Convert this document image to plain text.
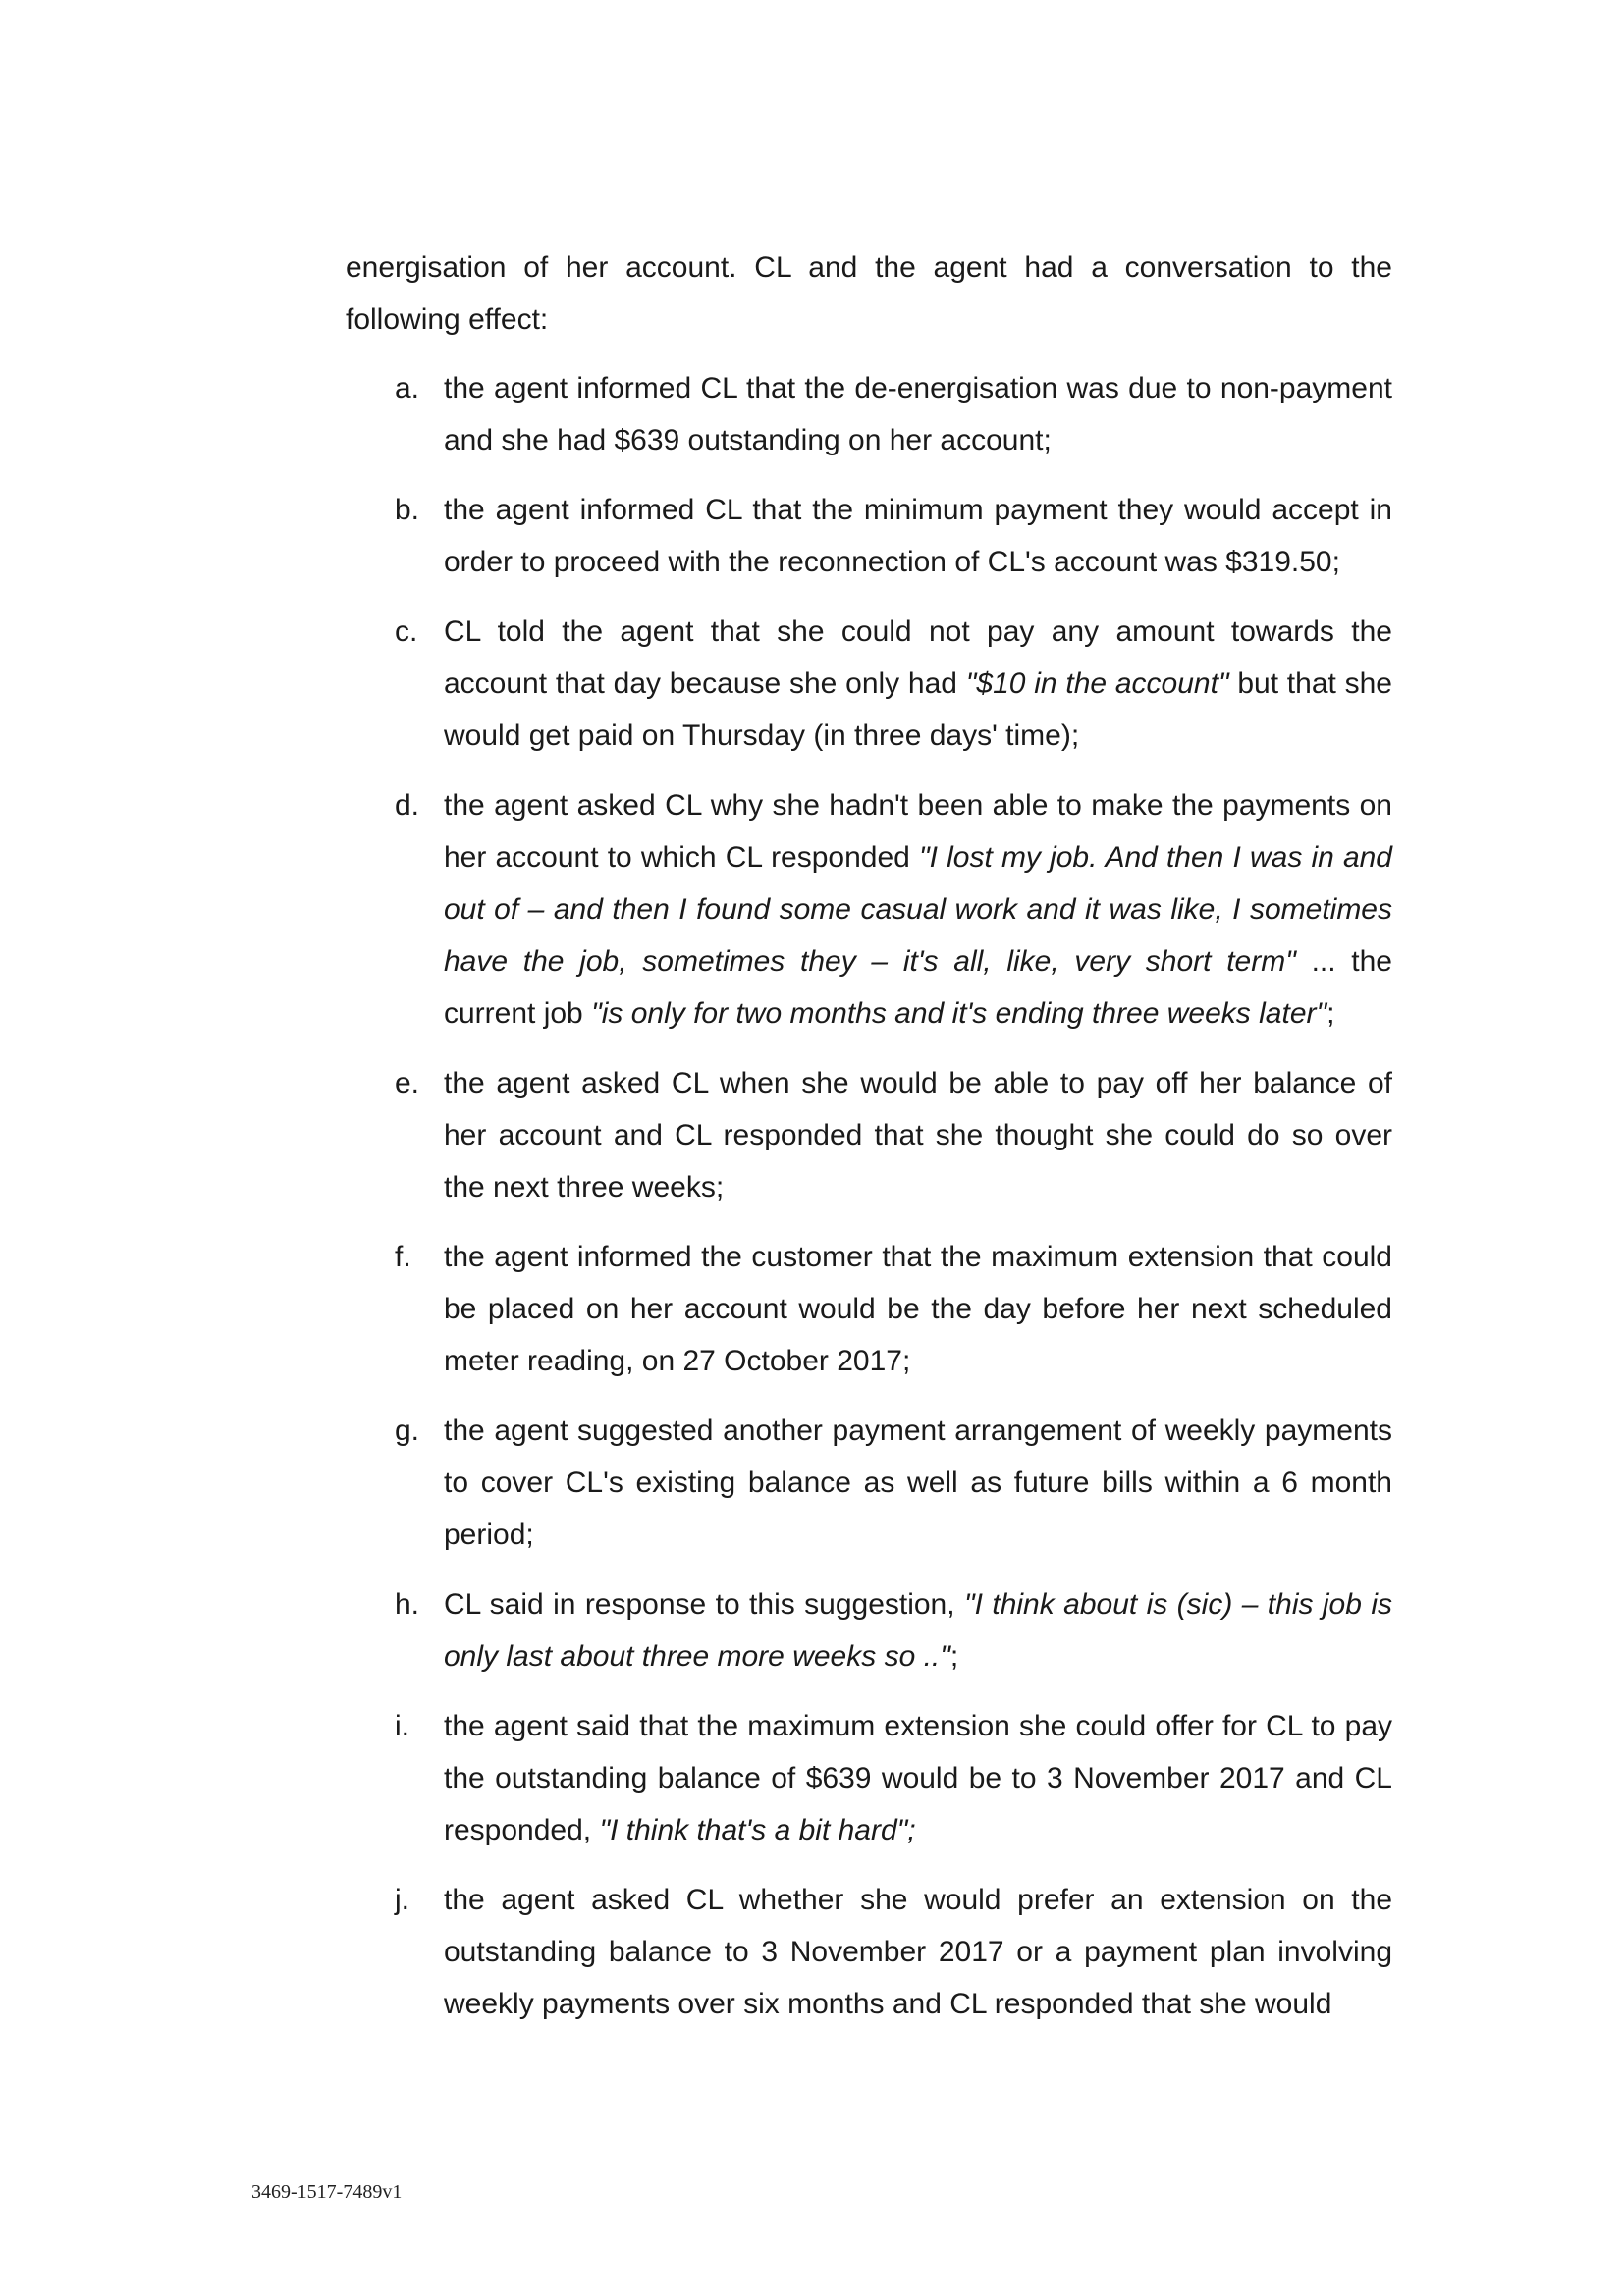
energisation of her account. CL and the agent had a conversation to the following effect:

a. the agent informed CL that the de-energisation was due to non-payment and she had $639 outstanding on her account;
b. the agent informed CL that the minimum payment they would accept in order to proceed with the reconnection of CL's account was $319.50;
c. CL told the agent that she could not pay any amount towards the account that day because she only had "$10 in the account" but that she would get paid on Thursday (in three days' time);
d. the agent asked CL why she hadn't been able to make the payments on her account to which CL responded "I lost my job. And then I was in and out of – and then I found some casual work and it was like, I sometimes have the job, sometimes they – it's all, like, very short term" ... the current job "is only for two months and it's ending three weeks later";
e. the agent asked CL when she would be able to pay off her balance of her account and CL responded that she thought she could do so over the next three weeks;
f. the agent informed the customer that the maximum extension that could be placed on her account would be the day before her next scheduled meter reading, on 27 October 2017;
g. the agent suggested another payment arrangement of weekly payments to cover CL's existing balance as well as future bills within a 6 month period;
h. CL said in response to this suggestion, "I think about is (sic) – this job is only last about three more weeks so ..";
i. the agent said that the maximum extension she could offer for CL to pay the outstanding balance of $639 would be to 3 November 2017 and CL responded, "I think that's a bit hard";
j. the agent asked CL whether she would prefer an extension on the outstanding balance to 3 November 2017 or a payment plan involving weekly payments over six months and CL responded that she would
3469-1517-7489v1
